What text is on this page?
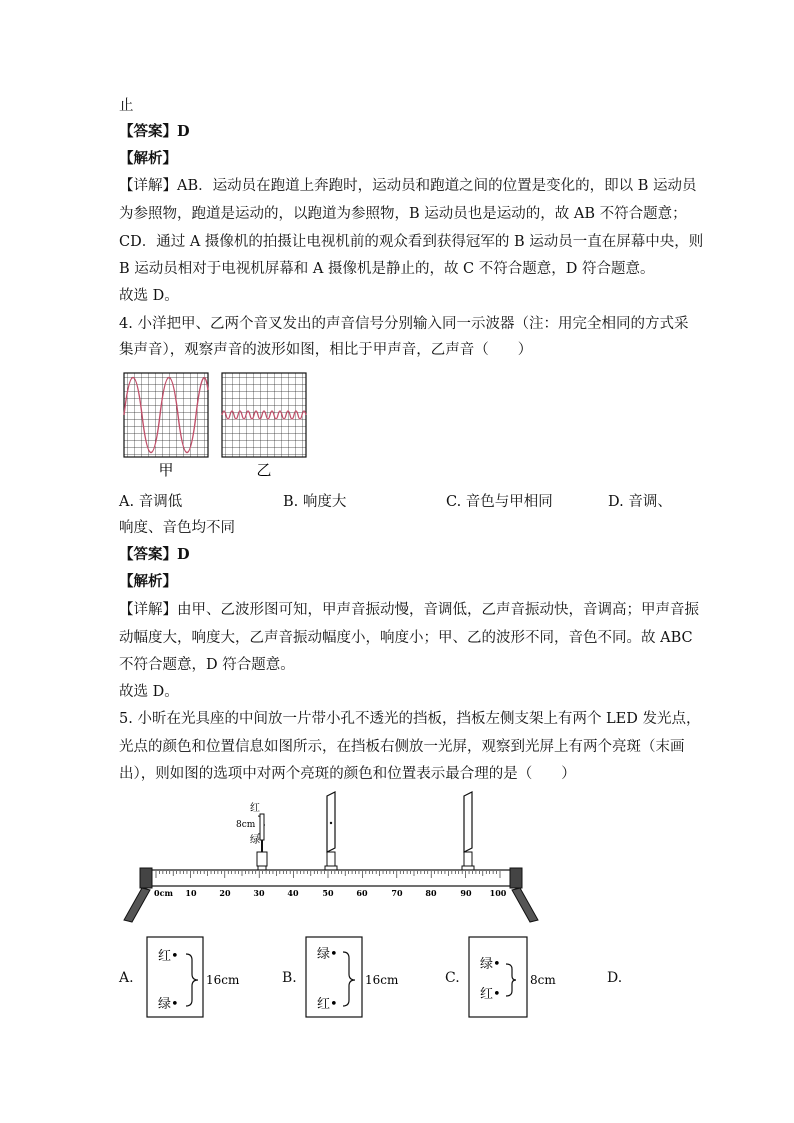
止
【答案】D
【解析】
【详解】AB．运动员在跑道上奔跑时，运动员和跑道之间的位置是变化的，即以 B 运动员
为参照物，跑道是运动的，以跑道为参照物，B 运动员也是运动的，故 AB 不符合题意；
CD．通过 A 摄像机的拍摄让电视机前的观众看到获得冠军的 B 运动员一直在屏幕中央，则
B 运动员相对于电视机屏幕和 A 摄像机是静止的，故 C 不符合题意，D 符合题意。
故选 D。
4. 小洋把甲、乙两个音叉发出的声音信号分别输入同一示波器（注：用完全相同的方式采
集声音），观察声音的波形如图，相比于甲声音，乙声音（　　）
甲	乙
A. 音调低	B. 响度大	C. 音色与甲相同	D. 音调、
响度、音色均不同
【答案】D
【解析】
【详解】由甲、乙波形图可知，甲声音振动慢，音调低，乙声音振动快，音调高；甲声音振
动幅度大，响度大，乙声音振动幅度小，响度小；甲、乙的波形不同，音色不同。故 ABC
不符合题意，D 符合题意。
故选 D。
5. 小昕在光具座的中间放一片带小孔不透光的挡板，挡板左侧支架上有两个 LED 发光点，
光点的颜色和位置信息如图所示，在挡板右侧放一光屏，观察到光屏上有两个亮斑（末画
出），则如图的选项中对两个亮斑的颜色和位置表示最合理的是（　　）
红
8cm
绿
0cm 10	20	30	40	50	60	70	80	90 100
A.
红•
绿•
16cm	B.
绿•
红•
16cm	C.
绿•
红•
8cm	D.
